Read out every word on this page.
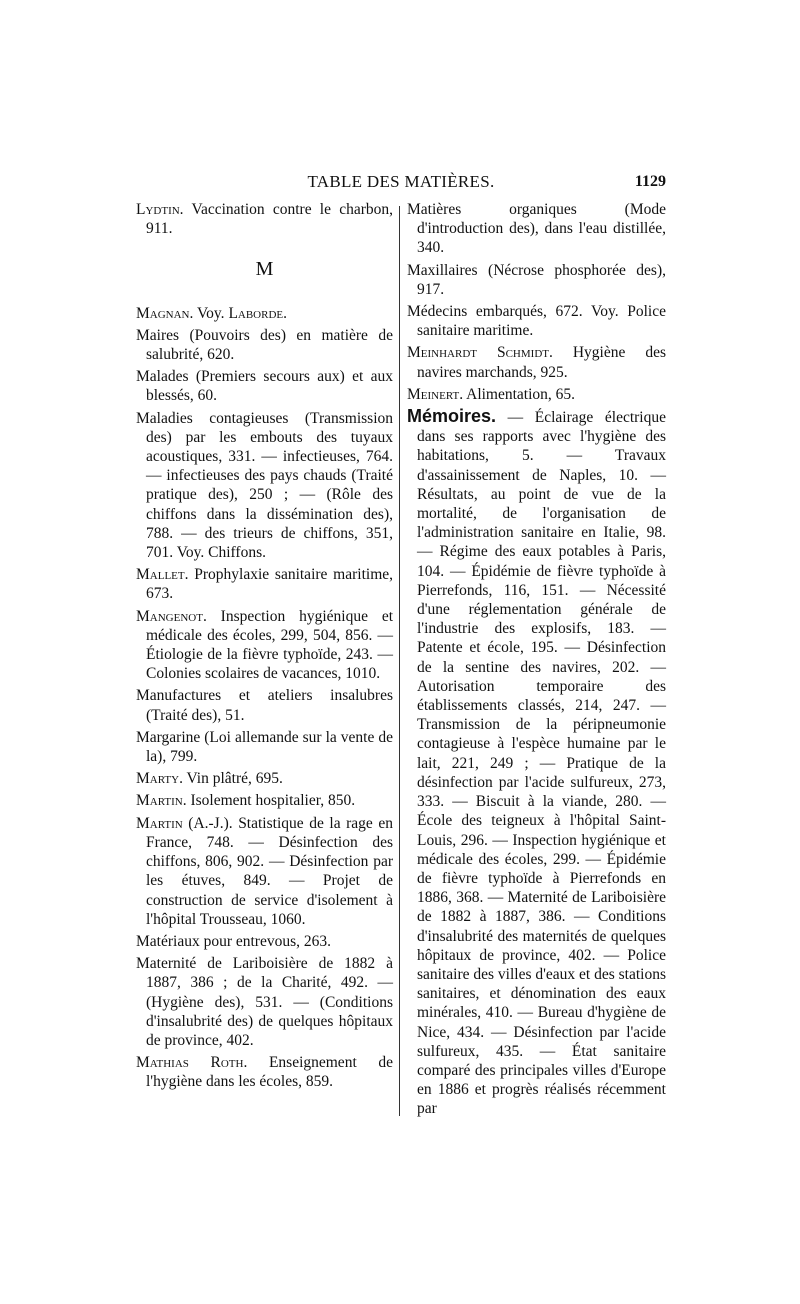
TABLE DES MATIÈRES.	1129

Lydtin. Vaccination contre le charbon, 911.

M

Magnan. Voy. Laborde.

Maires (Pouvoirs des) en matière de salubrité, 620.

Malades (Premiers secours aux) et aux blessés, 60.

Maladies contagieuses (Transmission des) par les embouts des tuyaux acoustiques, 331. — infectieuses, 764. — infectieuses des pays chauds (Traité pratique des), 250 ; — (Rôle des chiffons dans la dissémination des), 788. — des trieurs de chiffons, 351, 701. Voy. Chiffons.

Mallet. Prophylaxie sanitaire maritime, 673.

Mangenot. Inspection hygiénique et médicale des écoles, 299, 504, 856. — Étiologie de la fièvre typhoïde, 243. — Colonies scolaires de vacances, 1010.

Manufactures et ateliers insalubres (Traité des), 51.

Margarine (Loi allemande sur la vente de la), 799.

Marty. Vin plâtré, 695.

Martin. Isolement hospitalier, 850.

Martin (A.-J.). Statistique de la rage en France, 748. — Désinfection des chiffons, 806, 902. — Désinfection par les étuves, 849. — Projet de construction de service d'isolement à l'hôpital Trousseau, 1060.

Matériaux pour entrevous, 263.

Maternité de Lariboisière de 1882 à 1887, 386 ; de la Charité, 492. — (Hygiène des), 531. — (Conditions d'insalubrité des) de quelques hôpitaux de province, 402.

Mathias Roth. Enseignement de l'hygiène dans les écoles, 859.

Matières organiques (Mode d'introduction des), dans l'eau distillée, 340.

Maxillaires (Nécrose phosphorée des), 917.

Médecins embarqués, 672. Voy. Police sanitaire maritime.

Meinhardt Schmidt. Hygiène des navires marchands, 925.

Meinert. Alimentation, 65.

Mémoires. — Éclairage électrique dans ses rapports avec l'hygiène des habitations, 5. — Travaux d'assainissement de Naples, 10. — Résultats, au point de vue de la mortalité, de l'organisation de l'administration sanitaire en Italie, 98. — Régime des eaux potables à Paris, 104. — Épidémie de fièvre typhoïde à Pierrefonds, 116, 151. — Nécessité d'une réglementation générale de l'industrie des explosifs, 183. — Patente et école, 195. — Désinfection de la sentine des navires, 202. — Autorisation temporaire des établissements classés, 214, 247. — Transmission de la péripneumonie contagieuse à l'espèce humaine par le lait, 221, 249 ; — Pratique de la désinfection par l'acide sulfureux, 273, 333. — Biscuit à la viande, 280. — École des teigneux à l'hôpital Saint-Louis, 296. — Inspection hygiénique et médicale des écoles, 299. — Épidémie de fièvre typhoïde à Pierrefonds en 1886, 368. — Maternité de Lariboisière de 1882 à 1887, 386. — Conditions d'insalubrité des maternités de quelques hôpitaux de province, 402. — Police sanitaire des villes d'eaux et des stations sanitaires, et dénomination des eaux minérales, 410. — Bureau d'hygiène de Nice, 434. — Désinfection par l'acide sulfureux, 435. — État sanitaire comparé des principales villes d'Europe en 1886 et progrès réalisés récemment par
